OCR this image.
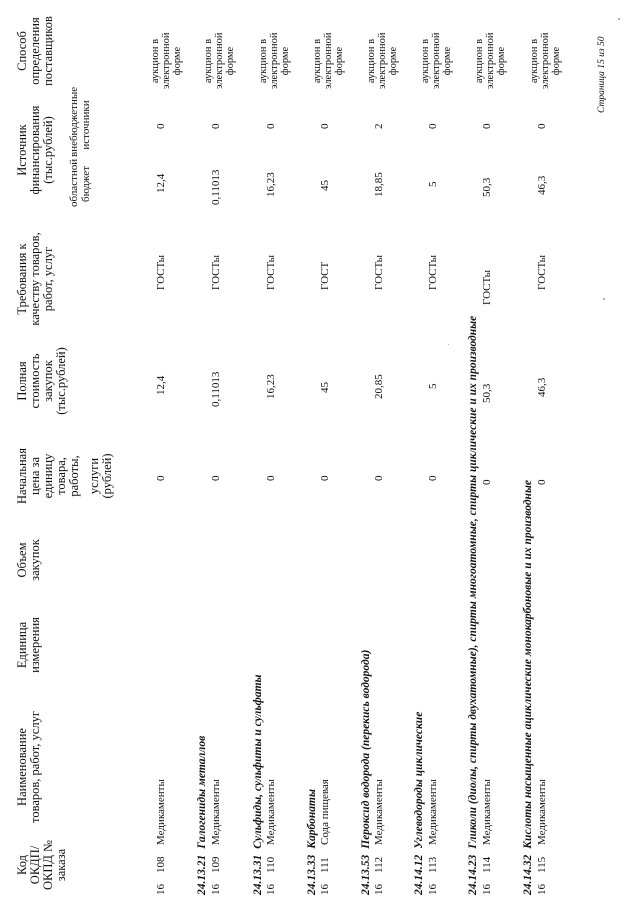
Код ОКДП/ ОКПД № заказа
Наименование товаров, работ, услуг
Единица измерения
Объем закупок
Начальная цена за единицу товара, работы, услуги (рублей)
Полная стоимость закупок (тыс.рублей)
Требования к качеству товаров, работ, услуг
Источник финансирования (тыс.рублей) областной бюджет
внебюджетные источники
Способ определения поставщиков
16
108
Медикаменты
0
12,4
ГОСТы
12,4
0
аукцион в электронной форме
24.13.21Галогениды металлов
16
109
Медикаменты
0
0,11013
ГОСТы
0,11013
0
аукцион в электронной форме
24.13.31Сульфиды, сульфиты и сульфаты
16
110
Медикаменты
0
16,23
ГОСТы
16,23
0
аукцион в электронной форме
24.13.33Карбонаты
16
111
Сода пищевая
0
45
ГОСТ
45
0
аукцион в электронной форме
24.13.53Пероксид водорода (перекись водорода)
16
112
Медикаменты
0
20,85
ГОСТы
18,85
2
аукцион в электронной форме
24.14.12Углеводороды циклические
16
113
Медикаменты
0
5
ГОСТы
5
0
аукцион в электронной форме
24.14.23Гликоли (диолы, спирты двухатомные), спирты многоатомные, спирты циклические и их производные
16
114
Медикаменты
0
50,3
ГОСТы
50,3
0
аукцион в электронной форме
24.14.32Кислоты насыщенные ациклические монокарбоновые и их производные
16
115
Медикаменты
0
46,3
ГОСТы
46,3
0
аукцион в электронной форме	Страница 15 из 50
